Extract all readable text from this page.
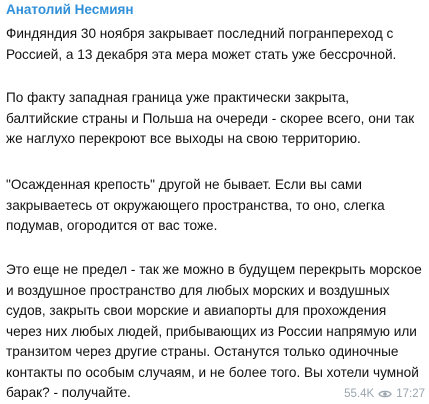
Анатолий Несмиян

Финдяндия 30 ноября закрывает последний погранпереход с Россией, а 13 декабря эта мера может стать уже бессрочной.

По факту западная граница уже практически закрыта, балтийские страны и Польша на очереди - скорее всего, они так же наглухо перекроют все выходы на свою территорию.

"Осажденная крепость" другой не бывает. Если вы сами закрываетесь от окружающего пространства, то оно, слегка подумав, огородится от вас тоже.

Это еще не предел - так же можно в будущем перекрыть морское и воздушное пространство для любых морских и воздушных судов, закрыть свои морские и авиапорты для прохождения через них любых людей, прибывающих из России напрямую или транзитом через другие страны. Останутся только одиночные контакты по особым случаям, и не более того. Вы хотели чумной барак? - получайте.	55.4K 17:27
